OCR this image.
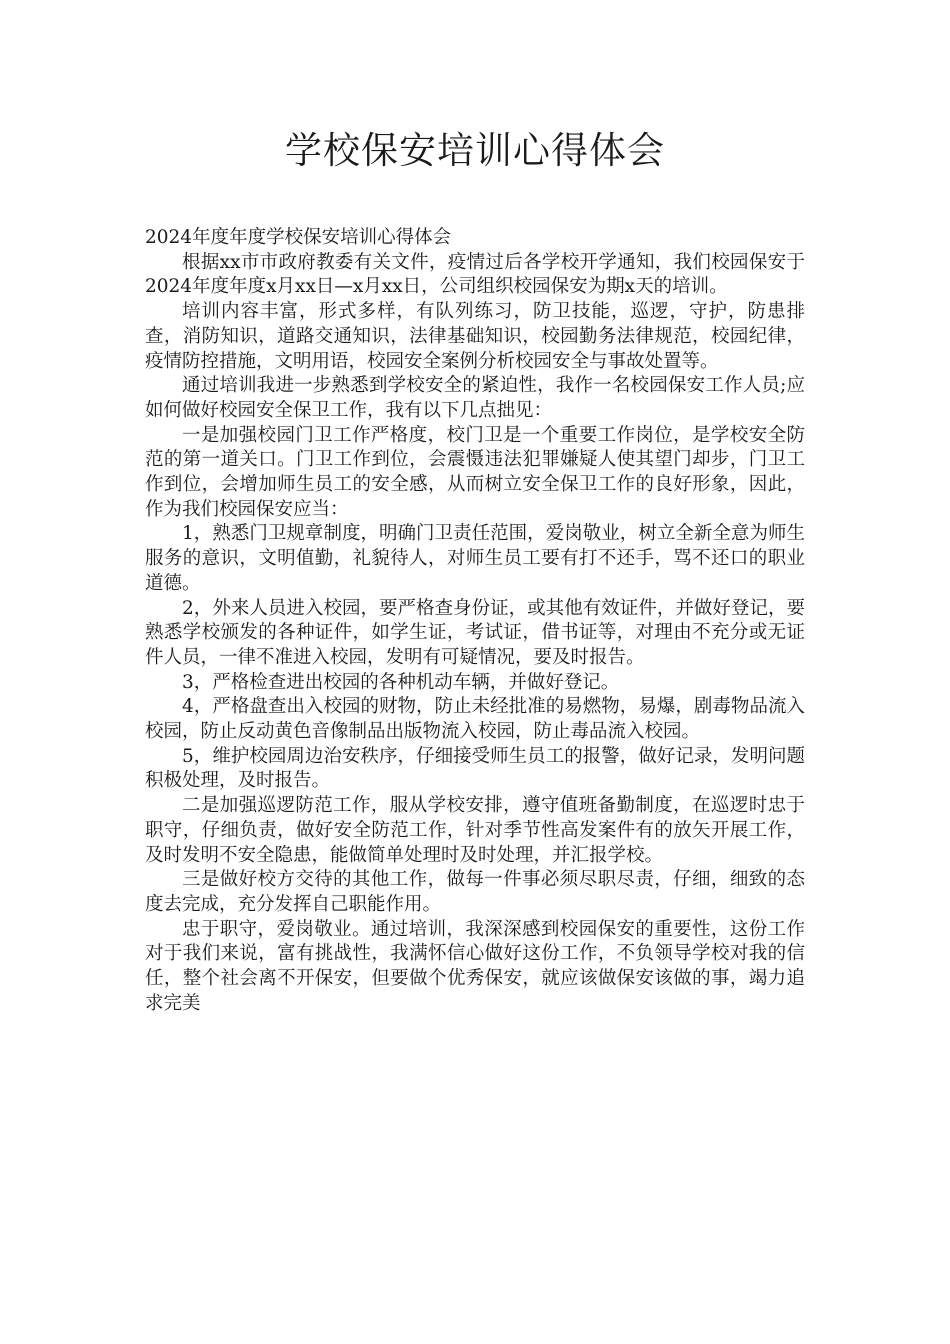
学校保安培训心得体会

2024年度年度学校保安培训心得体会

根据xx市市政府教委有关文件，疫情过后各学校开学通知，我们校园保安于2024年度年度x月xx日—x月xx日，公司组织校园保安为期x天的培训。

培训内容丰富，形式多样，有队列练习，防卫技能，巡逻，守护，防患排查，消防知识，道路交通知识，法律基础知识，校园勤务法律规范，校园纪律，疫情防控措施，文明用语，校园安全案例分析校园安全与事故处置等。

通过培训我进一步熟悉到学校安全的紧迫性，我作一名校园保安工作人员;应如何做好校园安全保卫工作，我有以下几点拙见：

一是加强校园门卫工作严格度，校门卫是一个重要工作岗位，是学校安全防范的第一道关口。门卫工作到位，会震慑违法犯罪嫌疑人使其望门却步，门卫工作到位，会增加师生员工的安全感，从而树立安全保卫工作的良好形象，因此，作为我们校园保安应当：

1，熟悉门卫规章制度，明确门卫责任范围，爱岗敬业，树立全新全意为师生服务的意识，文明值勤，礼貌待人，对师生员工要有打不还手，骂不还口的职业道德。

2，外来人员进入校园，要严格查身份证，或其他有效证件，并做好登记，要熟悉学校颁发的各种证件，如学生证，考试证，借书证等，对理由不充分或无证件人员，一律不准进入校园，发明有可疑情况，要及时报告。

3，严格检查进出校园的各种机动车辆，并做好登记。

4，严格盘查出入校园的财物，防止未经批准的易燃物，易爆，剧毒物品流入校园，防止反动黄色音像制品出版物流入校园，防止毒品流入校园。

5，维护校园周边治安秩序，仔细接受师生员工的报警，做好记录，发明问题积极处理，及时报告。

二是加强巡逻防范工作，服从学校安排，遵守值班备勤制度，在巡逻时忠于职守，仔细负责，做好安全防范工作，针对季节性高发案件有的放矢开展工作，及时发明不安全隐患，能做简单处理时及时处理，并汇报学校。

三是做好校方交待的其他工作，做每一件事必须尽职尽责，仔细，细致的态度去完成，充分发挥自己职能作用。

忠于职守，爱岗敬业。通过培训，我深深感到校园保安的重要性，这份工作对于我们来说，富有挑战性，我满怀信心做好这份工作，不负领导学校对我的信任，整个社会离不开保安，但要做个优秀保安，就应该做保安该做的事，竭力追求完美
